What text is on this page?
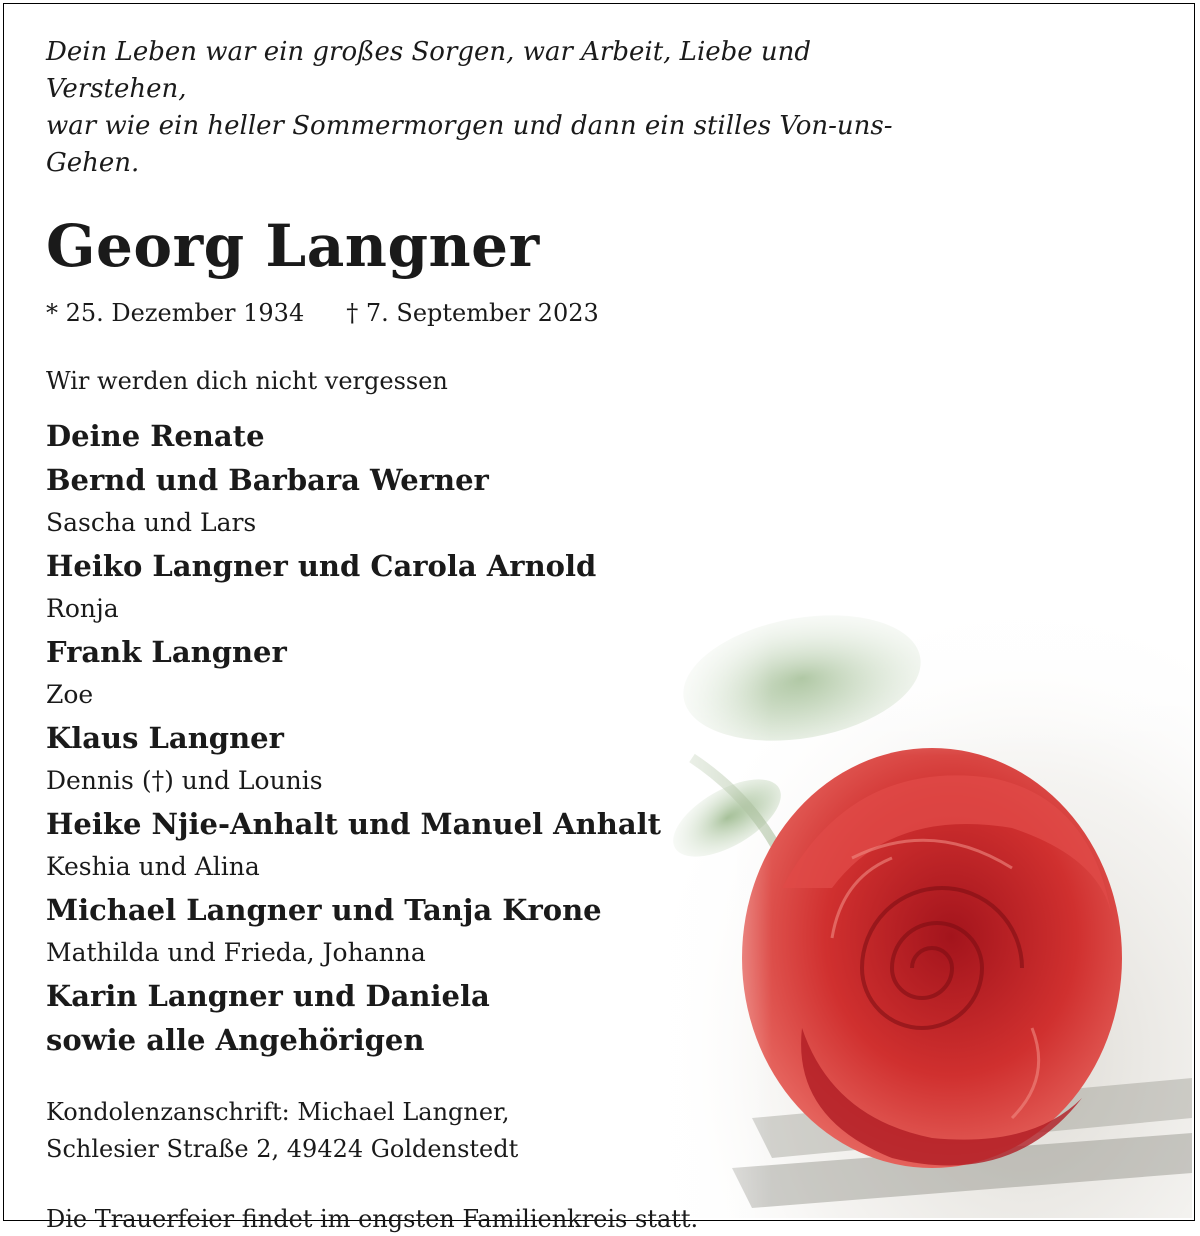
Dein Leben war ein großes Sorgen, war Arbeit, Liebe und Verstehen,
war wie ein heller Sommermorgen und dann ein stilles Von-uns-Gehen.
Georg Langner
* 25. Dezember 1934 † 7. September 2023
Wir werden dich nicht vergessen
Deine Renate
Bernd und Barbara Werner
Sascha und Lars
Heiko Langner und Carola Arnold
Ronja
Frank Langner
Zoe
Klaus Langner
Dennis (†) und Lounis
Heike Njie-Anhalt und Manuel Anhalt
Keshia und Alina
Michael Langner und Tanja Krone
Mathilda und Frieda, Johanna
Karin Langner und Daniela
sowie alle Angehörigen
Kondolenzanschrift: Michael Langner,
Schlesier Straße 2, 49424 Goldenstedt
Die Trauerfeier findet im engsten Familienkreis statt.
